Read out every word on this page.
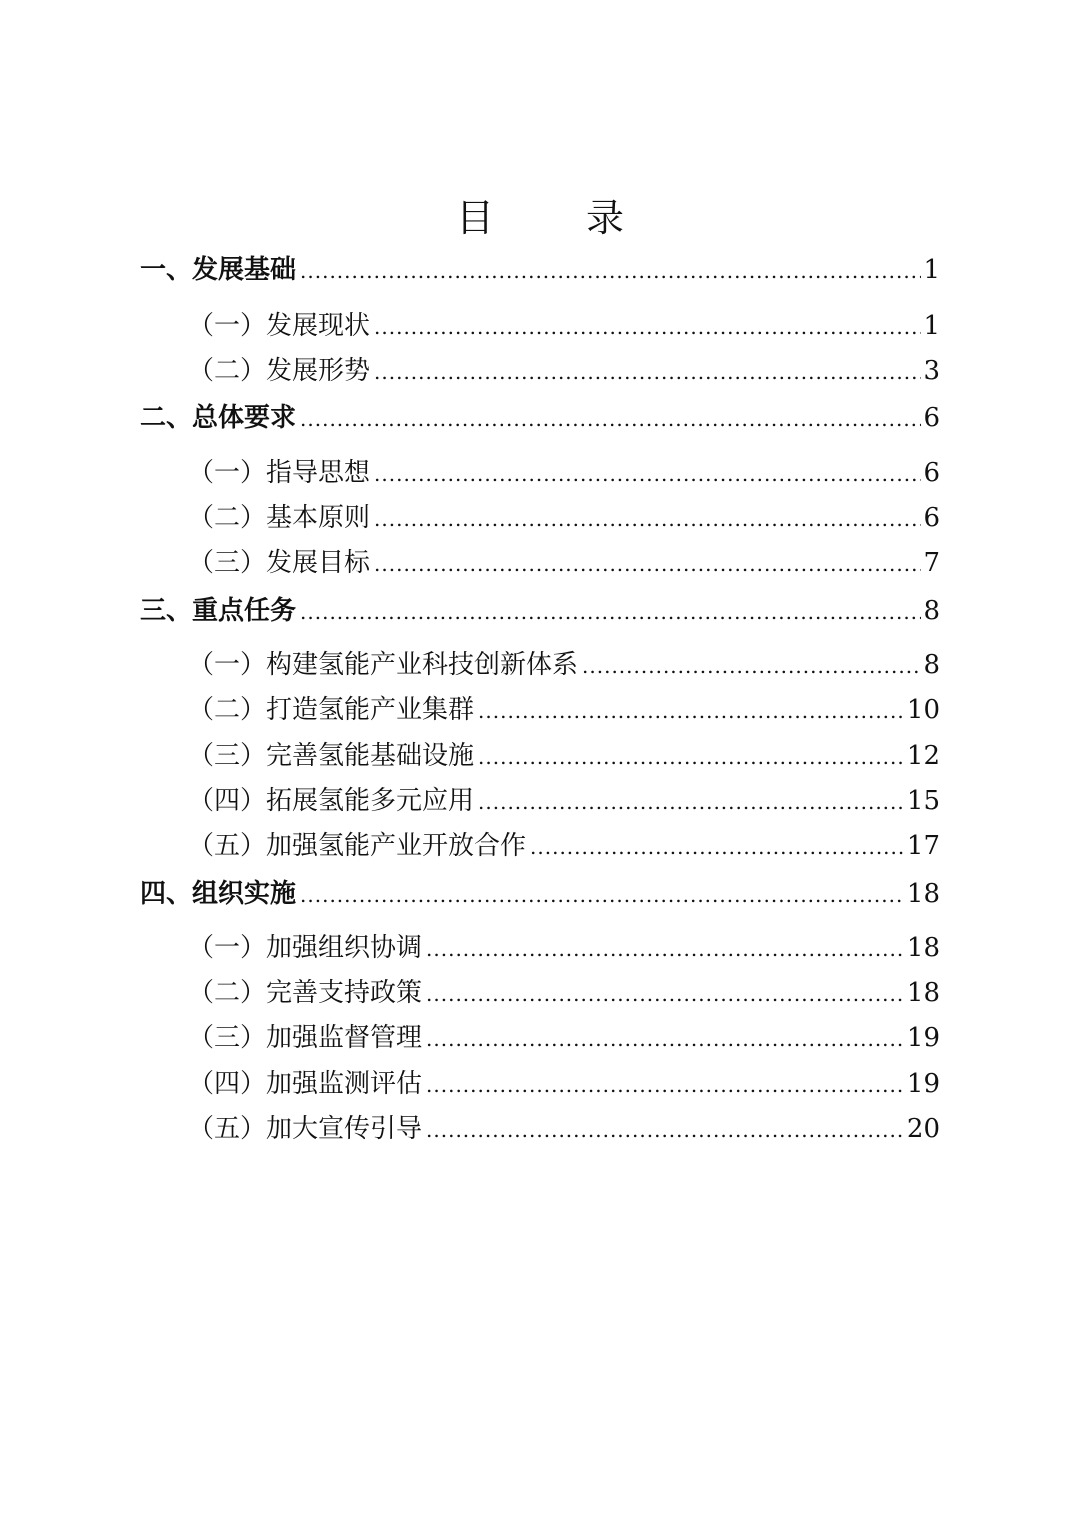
目 录
一、发展基础 .....	1
（一）发展现状 .....	1
（二）发展形势 .....	3
二、总体要求 .....	6
（一）指导思想 .....	6
（二）基本原则 .....	6
（三）发展目标 .....	7
三、重点任务 .....	8
（一）构建氢能产业科技创新体系 .....	8
（二）打造氢能产业集群 .....	10
（三）完善氢能基础设施 .....	12
（四）拓展氢能多元应用 .....	15
（五）加强氢能产业开放合作 .....	17
四、组织实施 .....	18
（一）加强组织协调 .....	18
（二）完善支持政策 .....	18
（三）加强监督管理 .....	19
（四）加强监测评估 .....	19
（五）加大宣传引导 .....	20
